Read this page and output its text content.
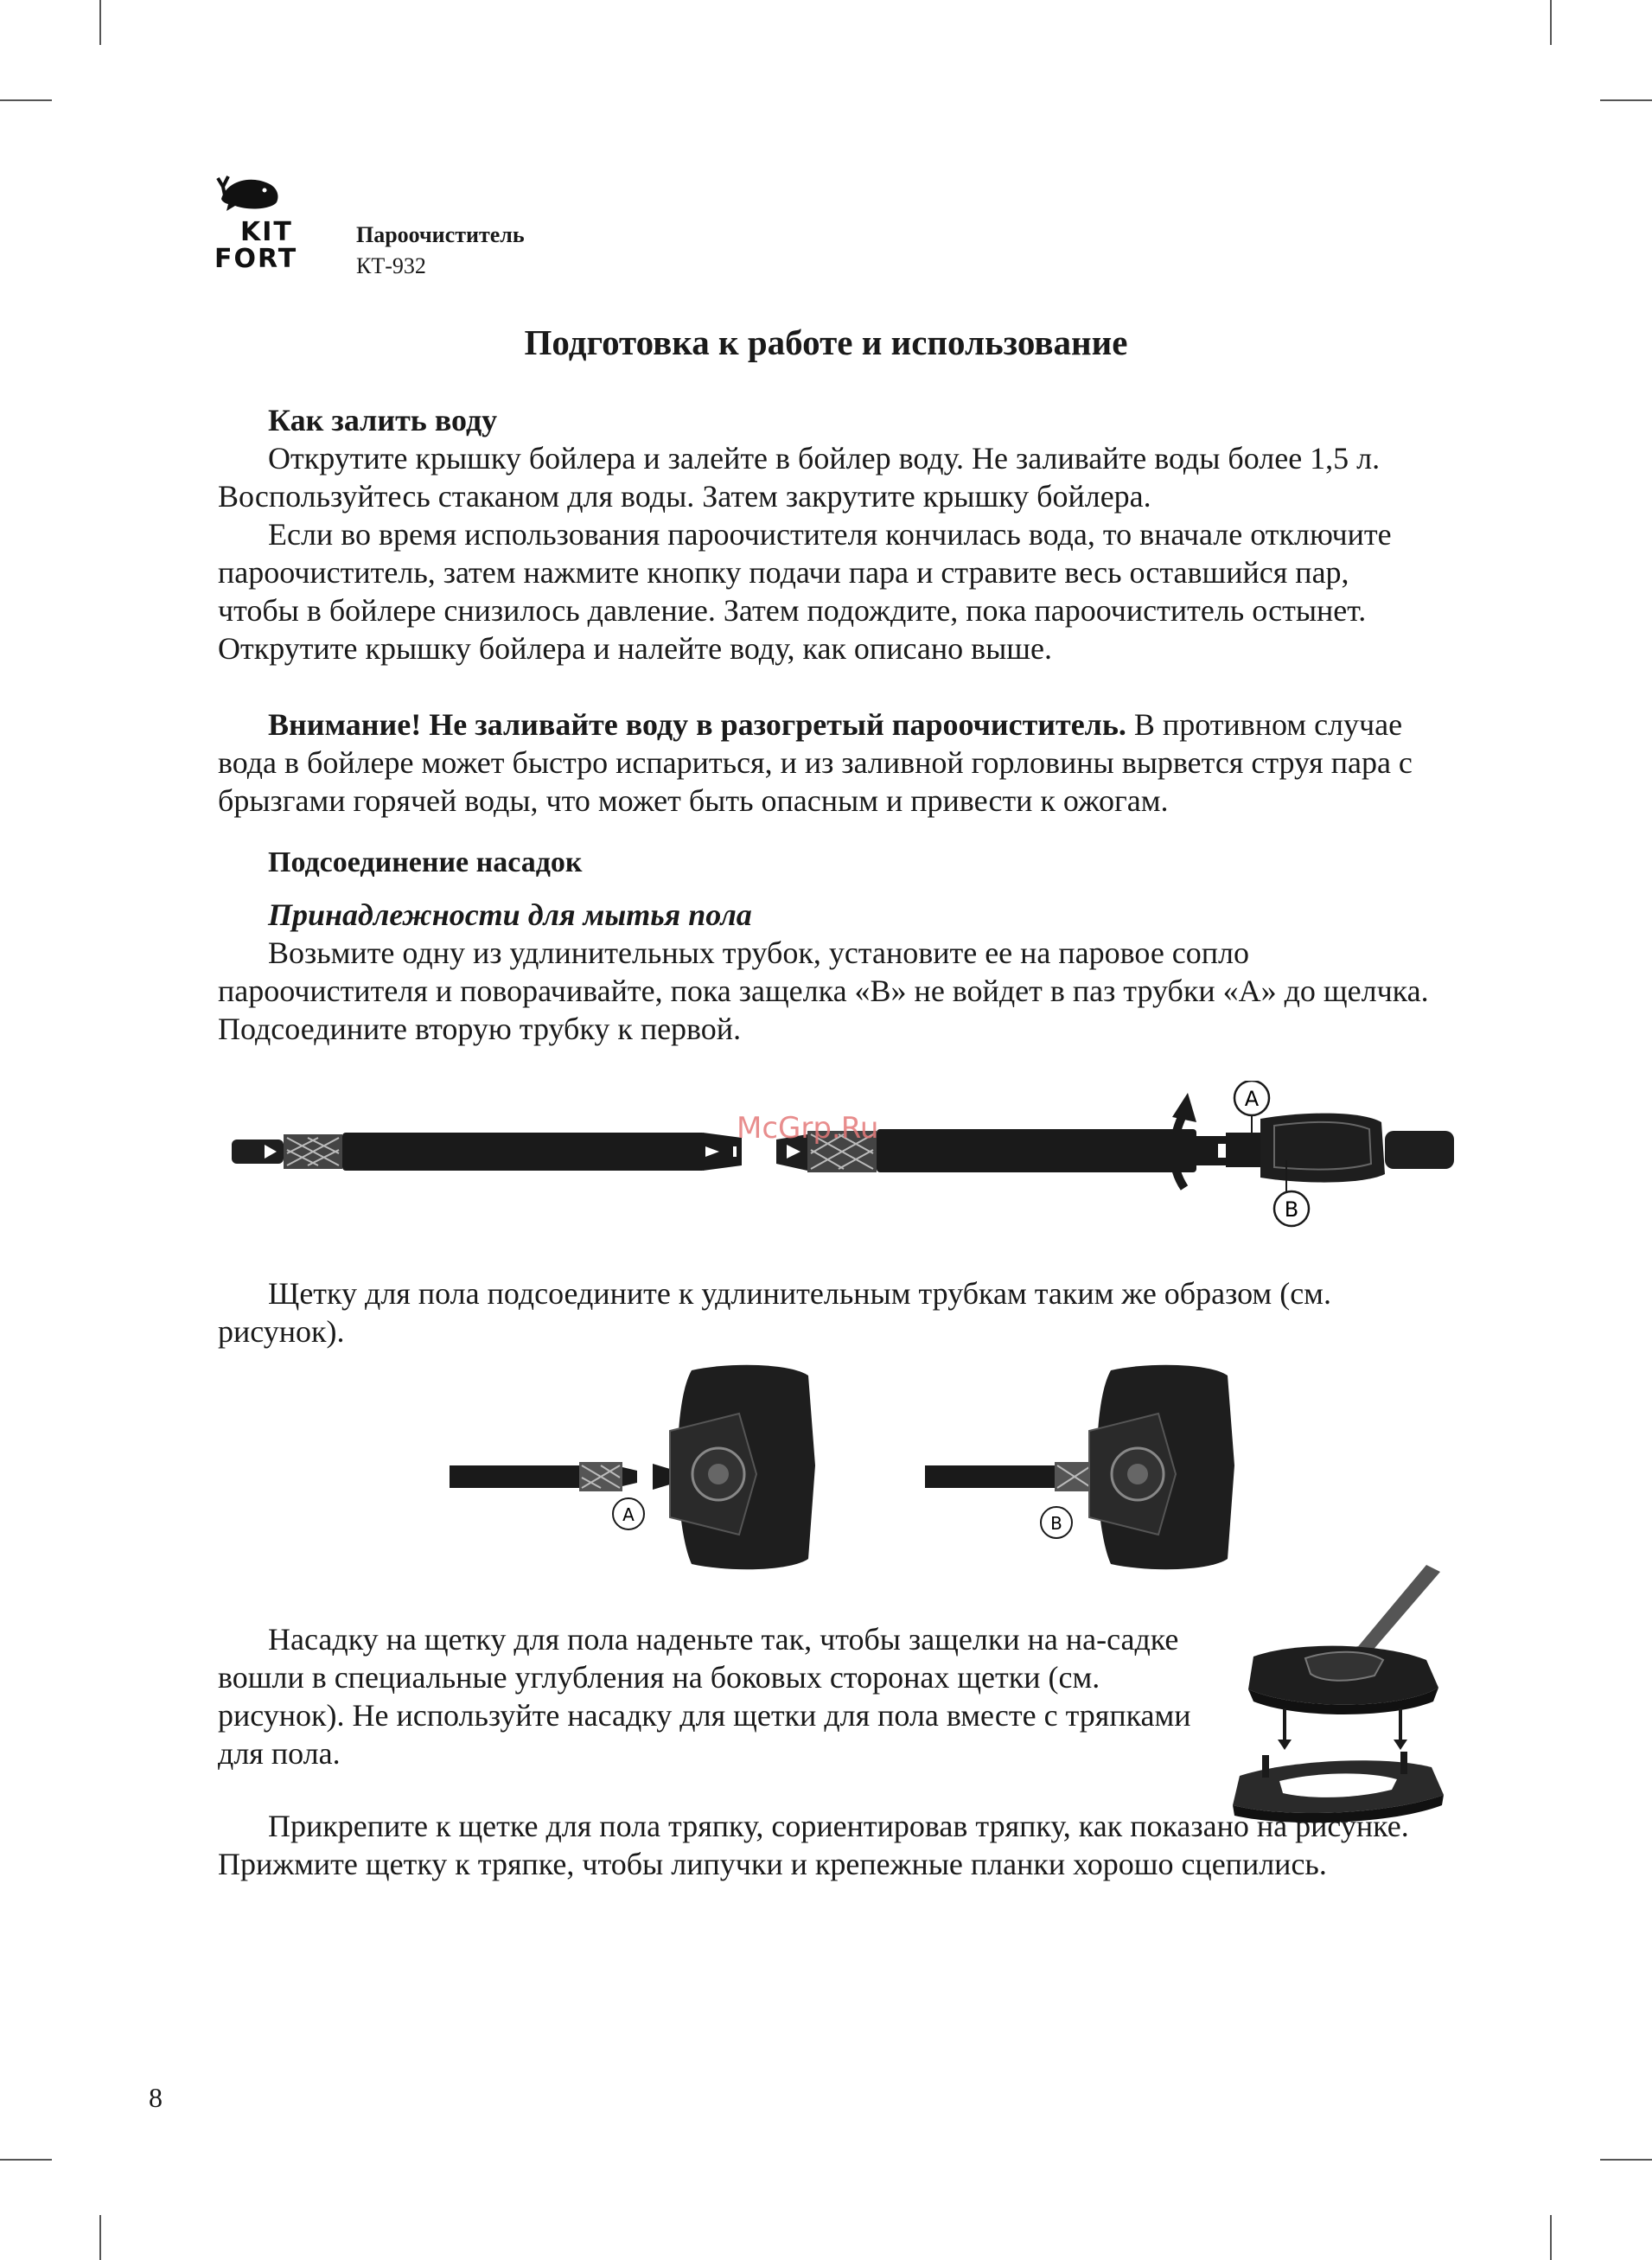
KIT
FORT
Пароочиститель
КТ-932
Подготовка к работе и использование
Как залить воду
Открутите крышку бойлера и залейте в бойлер воду. Не заливайте воды более 1,5 л. Воспользуйтесь стаканом для воды. Затем закрутите крышку бойлера.
Если во время использования пароочистителя кончилась вода, то вначале отключите пароочиститель, затем нажмите кнопку подачи пара и стравите весь оставшийся пар, чтобы в бойлере снизилось давление. Затем подождите, пока пароочиститель остынет. Открутите крышку бойлера и налейте воду, как описано выше.
Внимание! Не заливайте воду в разогретый пароочиститель. В противном случае вода в бойлере может быстро испариться, и из заливной горловины вырвется струя пара с брызгами горячей воды, что может быть опасным и привести к ожогам.
Подсоединение насадок
Принадлежности для мытья пола
Возьмите одну из удлинительных трубок, установите ее на паровое сопло пароочистителя и поворачивайте, пока защелка «В» не войдет в паз трубки «А» до щелчка. Подсоедините вторую трубку к первой.
A
B
McGrp.Ru
Щетку для пола подсоедините к удлинительным трубкам таким же образом (см. рисунок).
A	B
Насадку на щетку для пола наденьте так, чтобы защелки на на-садке вошли в специальные углубления на боковых сторонах щетки (см. рисунок). Не используйте насадку для щетки для пола вместе с тряпками для пола.
Прикрепите к щетке для пола тряпку, сориентировав тряпку, как показано на рисунке. Прижмите щетку к тряпке, чтобы липучки и крепежные планки хорошо сцепились.
8
